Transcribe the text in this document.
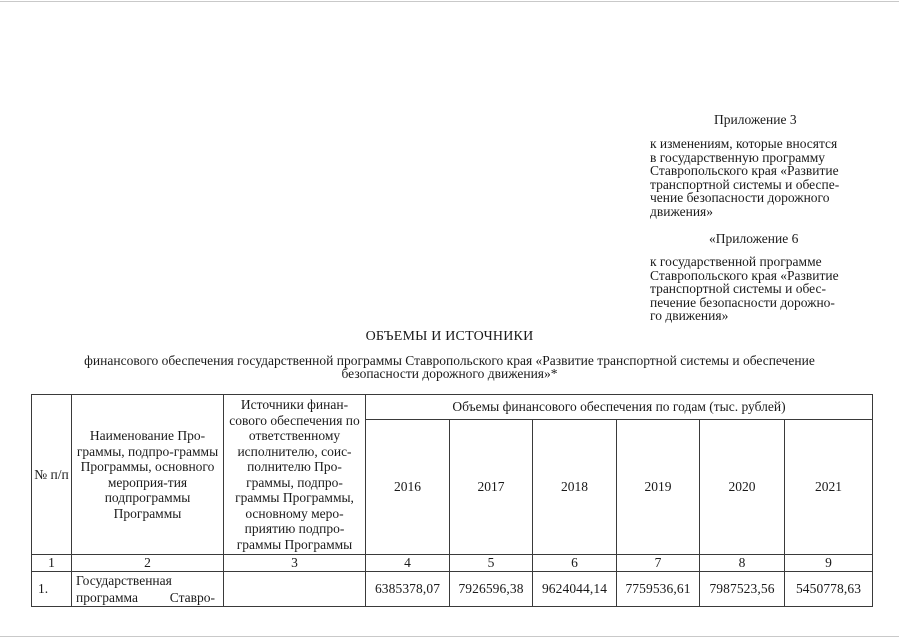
Приложение 3
к изменениям, которые вносятся
в государственную программу
Ставропольского края «Развитие
транспортной системы и обеспе-
чение безопасности дорожного
движения»
«Приложение 6
к государственной программе
Ставропольского края «Развитие
транспортной системы и обес-
печение безопасности дорожно-
го движения»
ОБЪЕМЫ И ИСТОЧНИКИ
финансового обеспечения государственной программы Ставропольского края «Развитие транспортной системы и обеспечение
безопасности дорожного движения»*
№ п/п	Наименование Про-граммы, подпро-граммы Программы, основного мероприя-тия подпрограммы Программы	Источники финан-сового обеспечения по ответственному исполнителю, соис-полнителю Про-граммы, подпро-граммы Программы, основному меро-приятию подпро-граммы Программы	Объемы финансового обеспечения по годам (тыс. рублей)					
			2016	2017	2018	2019	2020	2021
1	2	3	4	5	6	7	8	9
1.	Государственная программа Ставро-		6385378,07	7926596,38	9624044,14	7759536,61	7987523,56	5450778,63
